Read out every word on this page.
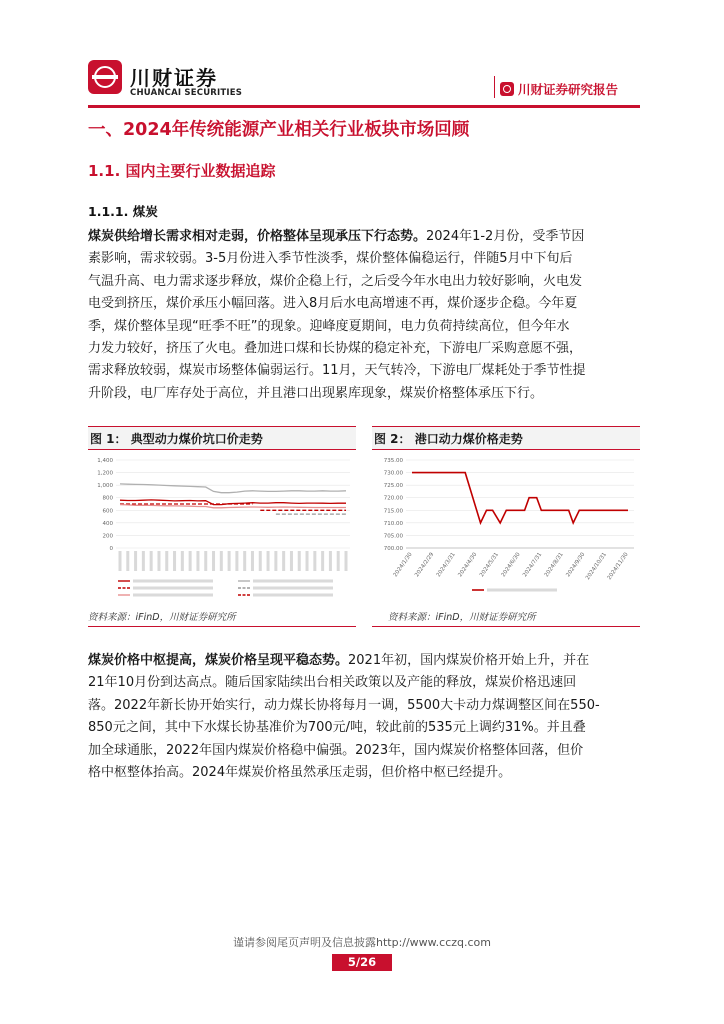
川财证券
CHUANCAI SECURITIES	川财证券研究报告
一、2024年传统能源产业相关行业板块市场回顾
1.1. 国内主要行业数据追踪
1.1.1. 煤炭
煤炭供给增长需求相对走弱，价格整体呈现承压下行态势。2024年1-2月份，受季节因
素影响，需求较弱。3-5月份进入季节性淡季，煤价整体偏稳运行，伴随5月中下旬后
气温升高、电力需求逐步释放，煤价企稳上行，之后受今年水电出力较好影响，火电发
电受到挤压，煤价承压小幅回落。进入8月后水电高增速不再，煤价逐步企稳。今年夏
季，煤价整体呈现“旺季不旺”的现象。迎峰度夏期间，电力负荷持续高位，但今年水
力发力较好，挤压了火电。叠加进口煤和长协煤的稳定补充，下游电厂采购意愿不强，
需求释放较弱，煤炭市场整体偏弱运行。11月，天气转冷，下游电厂煤耗处于季节性提
升阶段，电厂库存处于高位，并且港口出现累库现象，煤炭价格整体承压下行。
图 1： 典型动力煤价坑口价走势
1,400
1,200
1,000
800
600
400
200
0
资料来源：iFinD，川财证券研究所
图 2： 港口动力煤价格走势
735.00
730.00
725.00
720.00
715.00
710.00
705.00
700.00
2024/1/30 2024/2/29 2024/3/31 2024/4/30 2024/5/31 2024/6/30 2024/7/31 2024/8/31 2024/9/30
2024/10/31
2024/11/30
资料来源：iFinD，川财证券研究所
煤炭价格中枢提高，煤炭价格呈现平稳态势。2021年初，国内煤炭价格开始上升，并在
21年10月份到达高点。随后国家陆续出台相关政策以及产能的释放，煤炭价格迅速回
落。2022年新长协开始实行，动力煤长协将每月一调，5500大卡动力煤调整区间在550-
850元之间，其中下水煤长协基准价为700元/吨，较此前的535元上调约31%。并且叠
加全球通胀，2022年国内煤炭价格稳中偏强。2023年，国内煤炭价格整体回落，但价
格中枢整体抬高。2024年煤炭价格虽然承压走弱，但价格中枢已经提升。
谨请参阅尾页声明及信息披露http://www.cczq.com
5/26
